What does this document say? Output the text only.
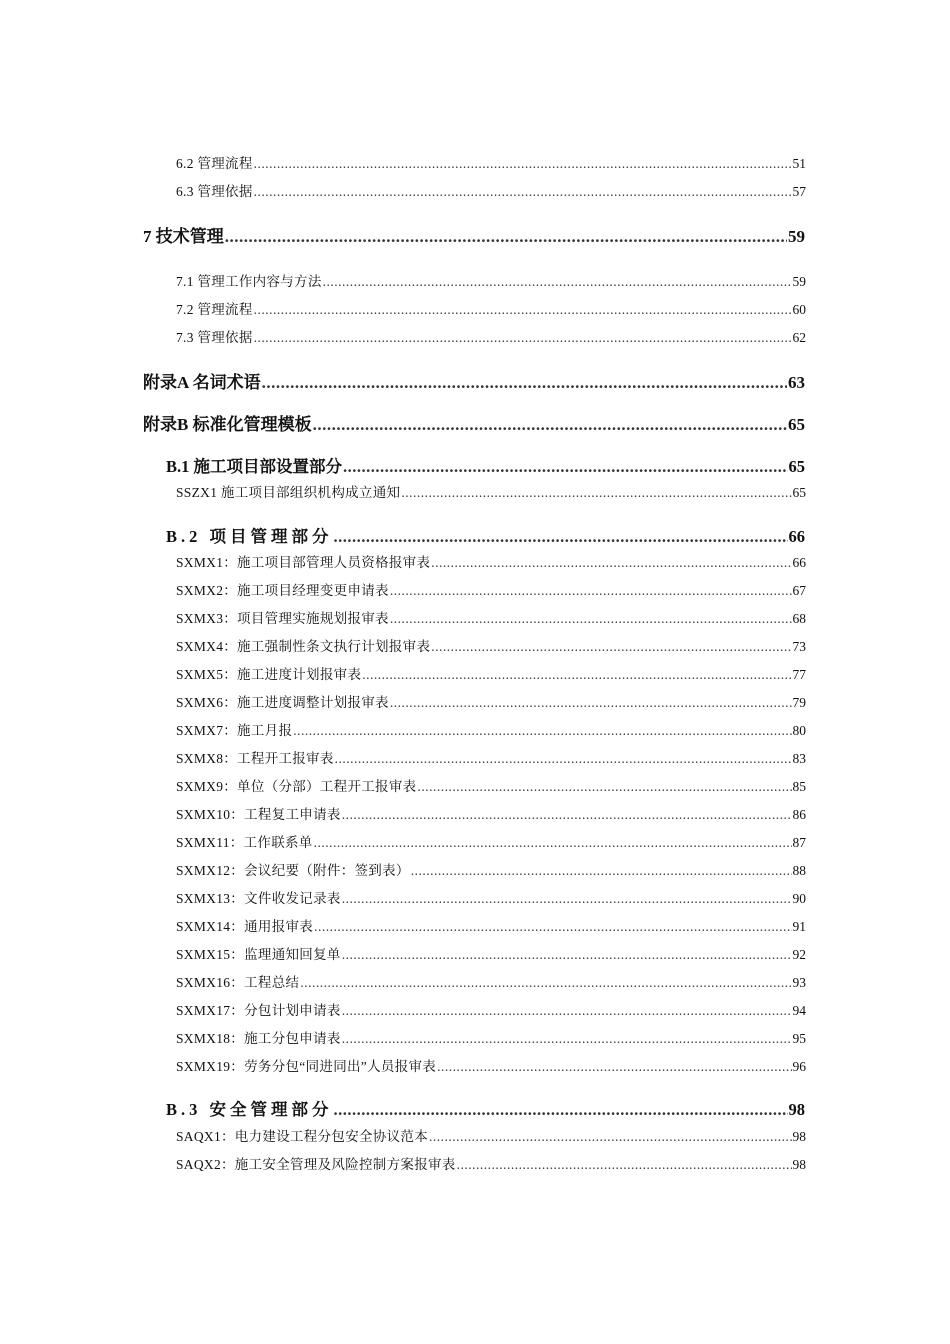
6.2 管理流程 .....	51
6.3 管理依据 .....	57
7 技术管理 .....	59
7.1 管理工作内容与方法 .....	59
7.2 管理流程 .....	60
7.3 管理依据 .....	62
附录A 名词术语 .....	63
附录B 标准化管理模板 .....	65
B.1 施工项目部设置部分 .....	65
SSZX1 施工项目部组织机构成立通知 .....	65
B.2 项目管理部分 .....	66
SXMX1：施工项目部管理人员资格报审表 .....	66
SXMX2：施工项目经理变更申请表 .....	67
SXMX3：项目管理实施规划报审表 .....	68
SXMX4：施工强制性条文执行计划报审表 .....	73
SXMX5：施工进度计划报审表 .....	77
SXMX6：施工进度调整计划报审表 .....	79
SXMX7：施工月报 .....	80
SXMX8：工程开工报审表 .....	83
SXMX9：单位（分部）工程开工报审表 .....	85
SXMX10：工程复工申请表 .....	86
SXMX11：工作联系单 .....	87
SXMX12：会议纪要（附件：签到表） .....	88
SXMX13：文件收发记录表 .....	90
SXMX14：通用报审表 .....	91
SXMX15：监理通知回复单 .....	92
SXMX16：工程总结 .....	93
SXMX17：分包计划申请表 .....	94
SXMX18：施工分包申请表 .....	95
SXMX19：劳务分包“同进同出”人员报审表 .....	96
B.3 安全管理部分 .....	98
SAQX1：电力建设工程分包安全协议范本 .....	98
SAQX2：施工安全管理及风险控制方案报审表 .....	98
